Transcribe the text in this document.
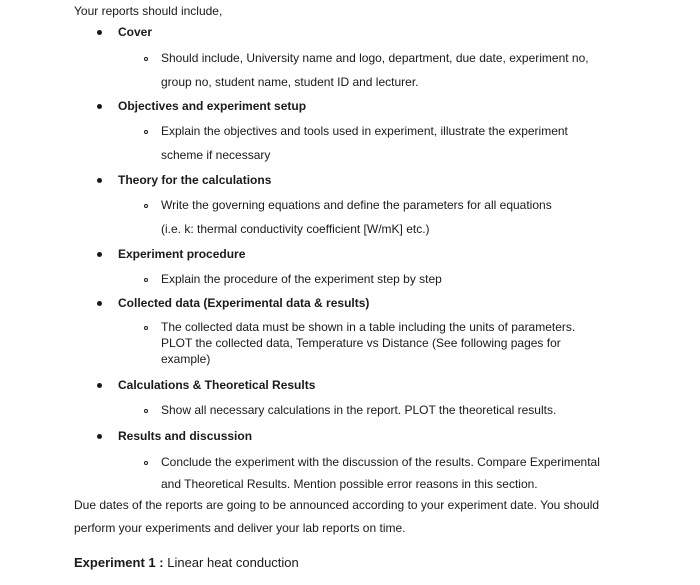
Your reports should include,
Cover
Should include, University name and logo, department, due date, experiment no,
group no, student name, student ID and lecturer.
Objectives and experiment setup
Explain the objectives and tools used in experiment, illustrate the experiment
scheme if necessary
Theory for the calculations
Write the governing equations and define the parameters for all equations
(i.e. k: thermal conductivity coefficient [W/mK] etc.)
Experiment procedure
Explain the procedure of the experiment step by step
Collected data (Experimental data & results)
The collected data must be shown in a table including the units of parameters.
PLOT the collected data, Temperature vs Distance (See following pages for
example)
Calculations & Theoretical Results
Show all necessary calculations in the report. PLOT the theoretical results.
Results and discussion
Conclude the experiment with the discussion of the results. Compare Experimental
and Theoretical Results. Mention possible error reasons in this section.
Due dates of the reports are going to be announced according to your experiment date. You should
perform your experiments and deliver your lab reports on time.
Experiment 1 : Linear heat conduction
